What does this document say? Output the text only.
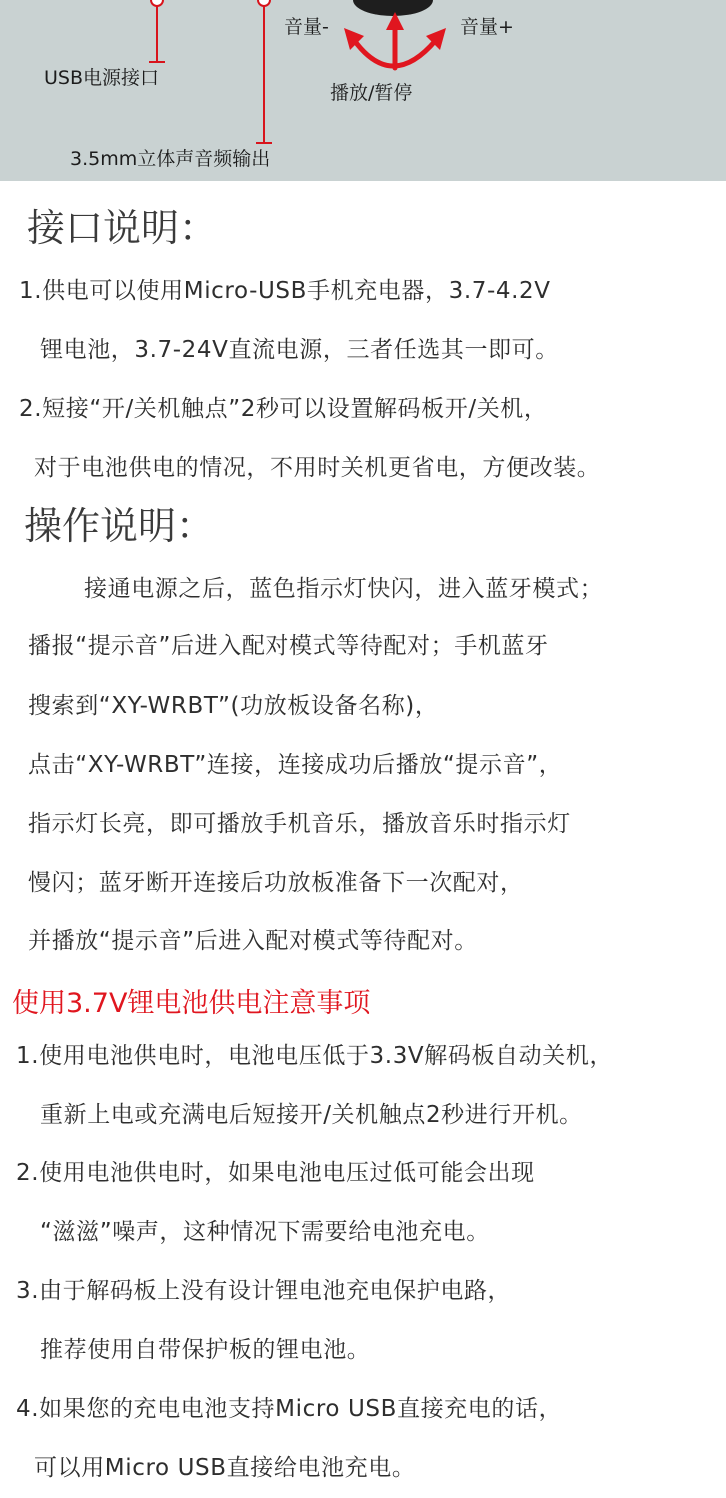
USB电源接口
3.5mm立体声音频输出
音量-	音量+
播放/暂停
接口说明：
1.供电可以使用Micro-USB手机充电器，3.7-4.2V
锂电池，3.7-24V直流电源，三者任选其一即可。
2.短接“开/关机触点”2秒可以设置解码板开/关机，
对于电池供电的情况，不用时关机更省电，方便改装。
操作说明：
接通电源之后，蓝色指示灯快闪，进入蓝牙模式；
播报“提示音”后进入配对模式等待配对；手机蓝牙
搜索到“XY-WRBT”(功放板设备名称)，
点击“XY-WRBT”连接，连接成功后播放“提示音”，
指示灯长亮，即可播放手机音乐，播放音乐时指示灯
慢闪；蓝牙断开连接后功放板准备下一次配对，
并播放“提示音”后进入配对模式等待配对。
使用3.7V锂电池供电注意事项
1.使用电池供电时，电池电压低于3.3V解码板自动关机，
重新上电或充满电后短接开/关机触点2秒进行开机。
2.使用电池供电时，如果电池电压过低可能会出现
“滋滋”噪声，这种情况下需要给电池充电。
3.由于解码板上没有设计锂电池充电保护电路，
推荐使用自带保护板的锂电池。
4.如果您的充电电池支持Micro USB直接充电的话，
可以用Micro USB直接给电池充电。
